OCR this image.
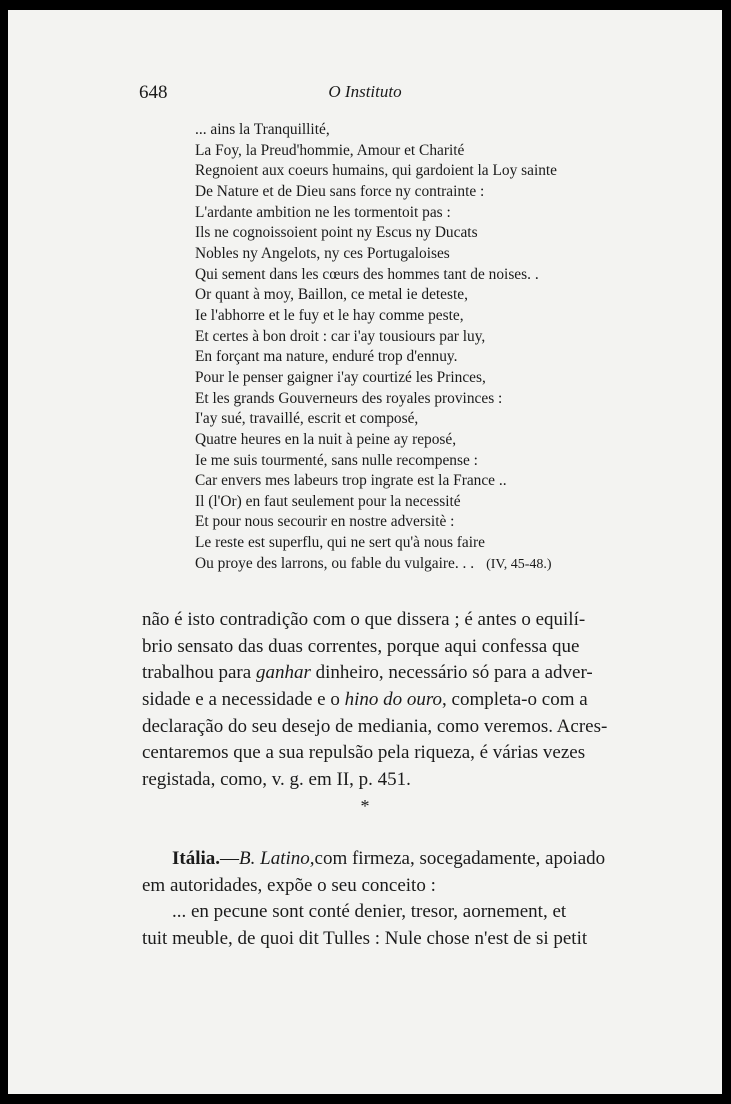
648	O Instituto
... ains la Tranquillité,
La Foy, la Preud'hommie, Amour et Charité
Regnoient aux coeurs humains, qui gardoient la Loy sainte
De Nature et de Dieu sans force ny contrainte :
L'ardante ambition ne les tormentoit pas :
Ils ne cognoissoient point ny Escus ny Ducats
Nobles ny Angelots, ny ces Portugaloises
Qui sement dans les cœurs des hommes tant de noises. .
Or quant à moy, Baillon, ce metal ie deteste,
Ie l'abhorre et le fuy et le hay comme peste,
Et certes à bon droit : car i'ay tousiours par luy,
En forçant ma nature, enduré trop d'ennuy.
Pour le penser gaigner i'ay courtizé les Princes,
Et les grands Gouverneurs des royales provinces :
I'ay sué, travaillé, escrit et composé,
Quatre heures en la nuit à peine ay reposé,
Ie me suis tourmenté, sans nulle recompense :
Car envers mes labeurs trop ingrate est la France ..
Il (l'Or) en faut seulement pour la necessité
Et pour nous secourir en nostre adversitè :
Le reste est superflu, qui ne sert qu'à nous faire
Ou proye des larrons, ou fable du vulgaire. . . (IV, 45-48.)
não é isto contradição com o que dissera ; é antes o equilí-
brio sensato das duas correntes, porque aqui confessa que
trabalhou para ganhar dinheiro, necessário só para a adver-
sidade e a necessidade e o hino do ouro, completa-o com a
declaração do seu desejo de mediania, como veremos. Acres-
centaremos que a sua repulsão pela riqueza, é várias vezes
registada, como, v. g. em II, p. 451.
*
Itália.—B. Latino,com firmeza, socegadamente, apoiado
em autoridades, expõe o seu conceito :
... en pecune sont conté denier, tresor, aornement, et
tuit meuble, de quoi dit Tulles : Nule chose n'est de si petit
